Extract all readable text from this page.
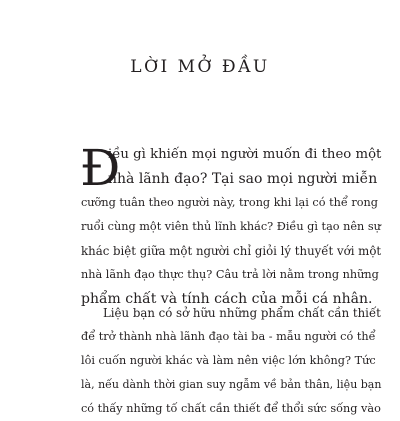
LỜI MỞ ĐẦU
Đ
iều gì khiến mọi người muốn đi theo một
nhà lãnh đạo? Tại sao mọi người miễn
cưỡng tuân theo người này, trong khi lại có thể rong
ruổi cùng một viên thủ lĩnh khác? Điều gì tạo nên sự
khác biệt giữa một người chỉ giỏi lý thuyết với một
nhà lãnh đạo thực thụ? Câu trả lời nằm trong những
phẩm chất và tính cách của mỗi cá nhân.
Liệu bạn có sở hữu những phẩm chất cần thiết
để trở thành nhà lãnh đạo tài ba - mẫu người có thể
lôi cuốn người khác và làm nên việc lớn không? Tức
là, nếu dành thời gian suy ngẫm về bản thân, liệu bạn
có thấy những tố chất cần thiết để thổi sức sống vào
